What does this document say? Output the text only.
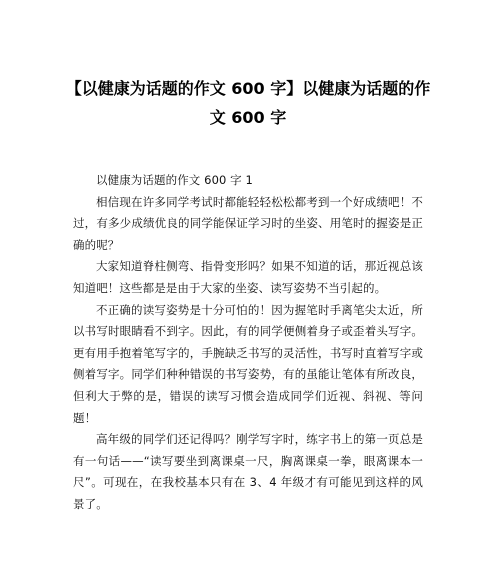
【以健康为话题的作文 600 字】以健康为话题的作文 600 字

以健康为话题的作文 600 字 1

相信现在许多同学考试时都能轻轻松松都考到一个好成绩吧！不过，有多少成绩优良的同学能保证学习时的坐姿、用笔时的握姿是正确的呢？

大家知道脊柱侧弯、指骨变形吗？如果不知道的话，那近视总该知道吧！这些都是是由于大家的坐姿、读写姿势不当引起的。

不正确的读写姿势是十分可怕的！因为握笔时手离笔尖太近，所以书写时眼睛看不到字。因此，有的同学便侧着身子或歪着头写字。更有用手抱着笔写字的，手腕缺乏书写的灵活性，书写时直着写字或侧着写字。同学们种种错误的书写姿势，有的虽能让笔体有所改良，但利大于弊的是，错误的读写习惯会造成同学们近视、斜视、等问题！

高年级的同学们还记得吗？刚学写字时，练字书上的第一页总是有一句话——“读写要坐到离课桌一尺，胸离课桌一拳，眼离课本一尺”。可现在，在我校基本只有在 3、4 年级才有可能见到这样的风景了。
